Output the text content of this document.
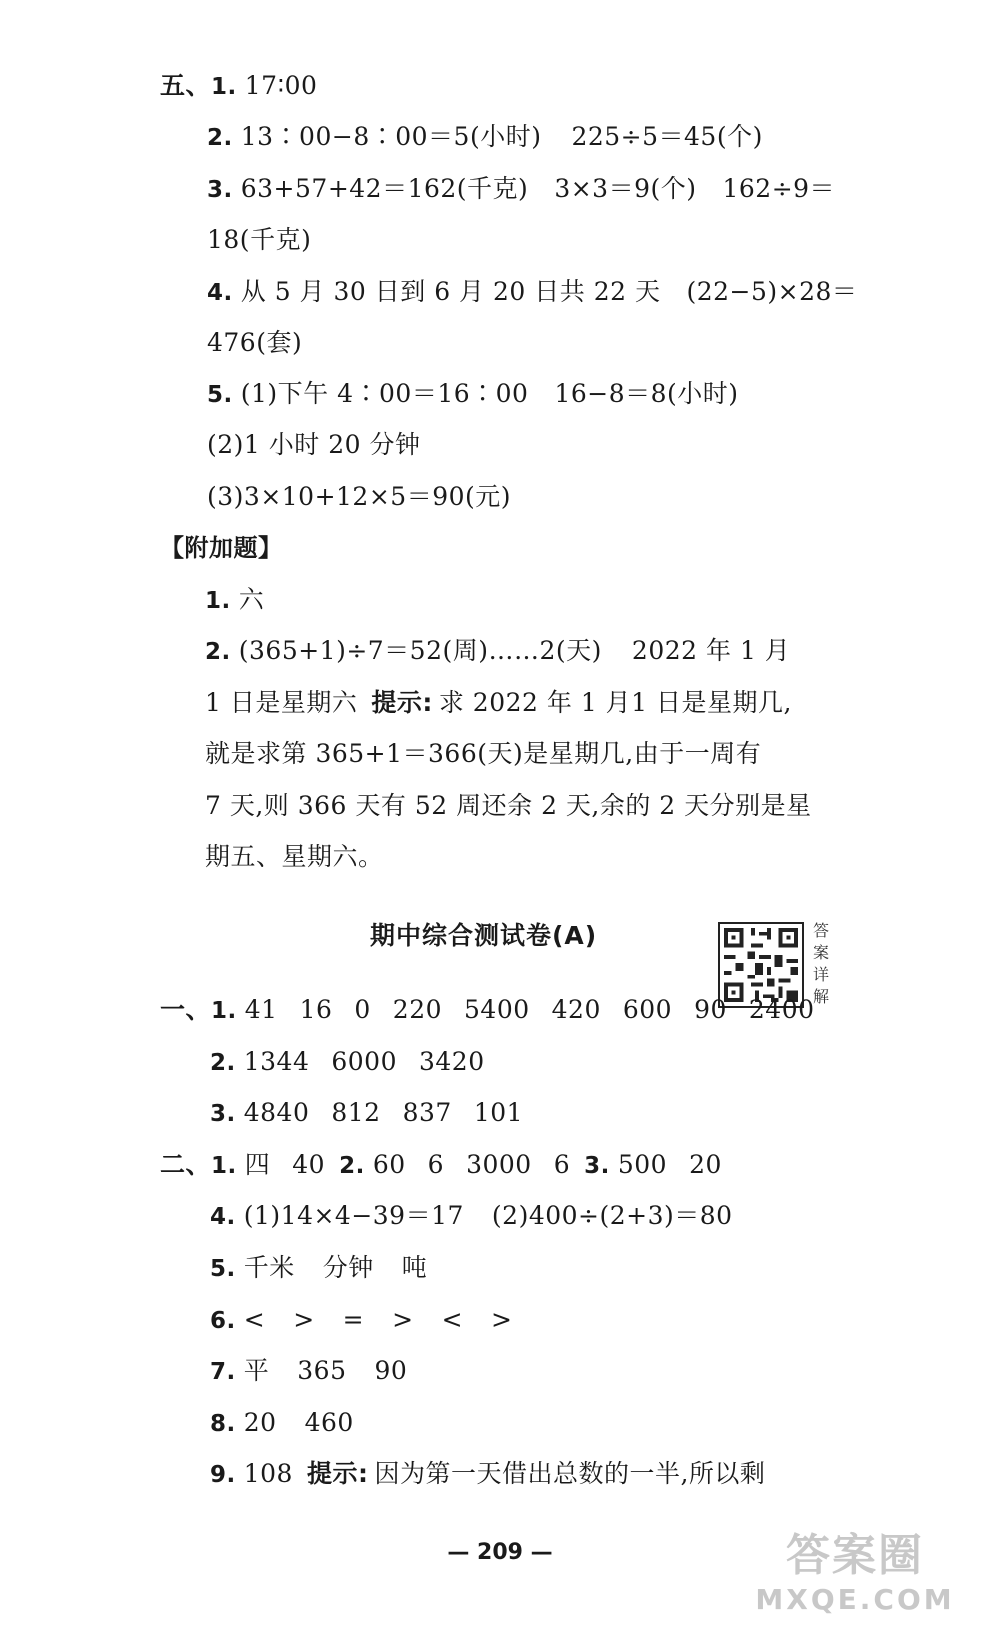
五、1. 17∶00
2. 13∶00−8∶00＝5(小时) 225÷5＝45(个)
3. 63+57+42＝162(千克) 3×3＝9(个) 162÷9＝
18(千克)
4. 从 5 月 30 日到 6 月 20 日共 22 天 (22−5)×28＝
476(套)
5. (1)下午 4∶00＝16∶00 16−8＝8(小时)
(2)1 小时 20 分钟
(3)3×10+12×5＝90(元)
【附加题】
1. 六
2. (365+1)÷7＝52(周)……2(天) 2022 年 1 月
1 日是星期六 提示: 求 2022 年 1 月1 日是星期几,
就是求第 365+1＝366(天)是星期几,由于一周有
7 天,则 366 天有 52 周还余 2 天,余的 2 天分别是星
期五、星期六。
期中综合测试卷(A)	答案详解
一、1. 41 16 0 220 5400 420 600 90 2400
2. 1344 6000 3420
3. 4840 812 837 101
二、1. 四 40 2. 60 6 3000 6 3. 500 20
4. (1)14×4−39＝17 (2)400÷(2+3)＝80
5. 千米 分钟 吨
6. < > = > < >
7. 平 365 90
8. 20 460
9. 108 提示: 因为第一天借出总数的一半,所以剩
— 209 —	答案圈
MXQE.COM
